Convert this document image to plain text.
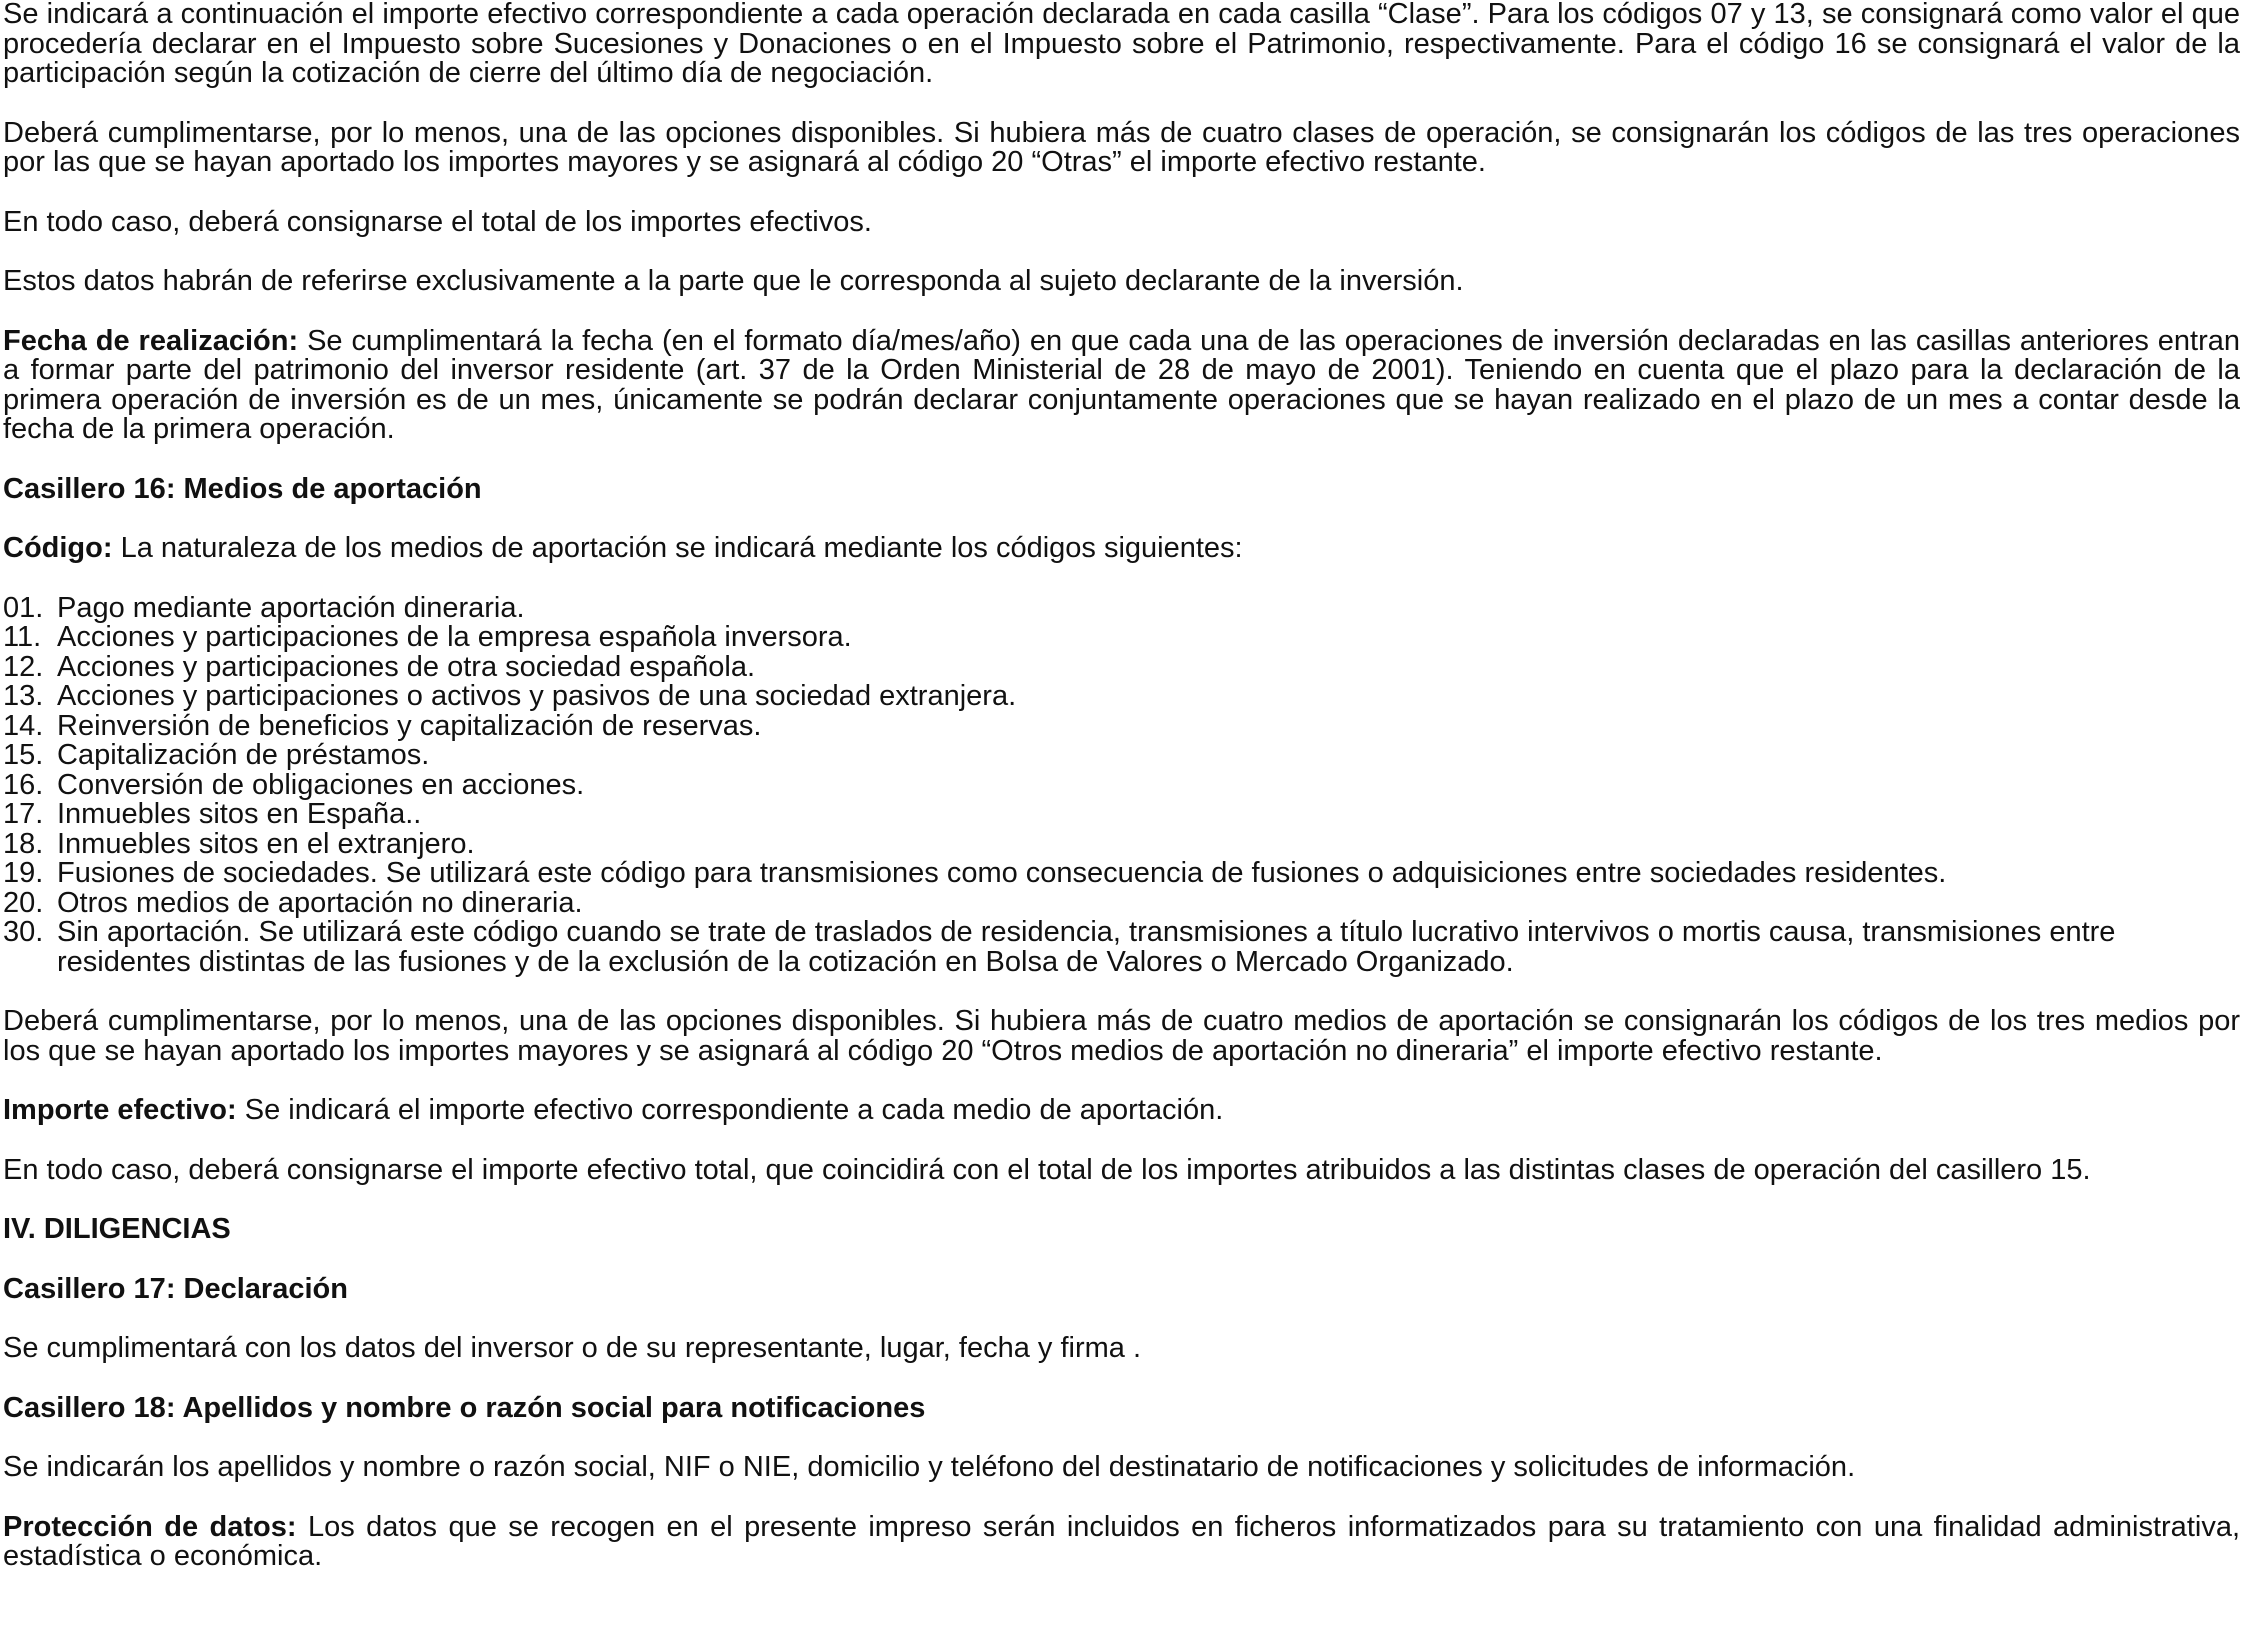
Se indicará a continuación el importe efectivo correspondiente a cada operación declarada en cada casilla “Clase”. Para los códigos 07 y 13, se consignará como valor el que procedería declarar en el Impuesto sobre Sucesiones y Donaciones o en el Impuesto sobre el Patrimonio, respectivamente. Para el código 16 se consignará el valor de la participación según la cotización de cierre del último día de negociación.

Deberá cumplimentarse, por lo menos, una de las opciones disponibles. Si hubiera más de cuatro clases de operación, se consignarán los códigos de las tres operaciones por las que se hayan aportado los importes mayores y se asignará al código 20 “Otras” el importe efectivo restante.

En todo caso, deberá consignarse el total de los importes efectivos.

Estos datos habrán de referirse exclusivamente a la parte que le corresponda al sujeto declarante de la inversión.

Fecha de realización: Se cumplimentará la fecha (en el formato día/mes/año) en que cada una de las operaciones de inversión declaradas en las casillas anteriores entran a formar parte del patrimonio del inversor residente (art. 37 de la Orden Ministerial de 28 de mayo de 2001). Teniendo en cuenta que el plazo para la declaración de la primera operación de inversión es de un mes, únicamente se podrán declarar conjuntamente operaciones que se hayan realizado en el plazo de un mes a contar desde la fecha de la primera operación.

Casillero 16: Medios de aportación

Código: La naturaleza de los medios de aportación se indicará mediante los códigos siguientes:

01. Pago mediante aportación dineraria.
11. Acciones y participaciones de la empresa española inversora.
12. Acciones y participaciones de otra sociedad española.
13. Acciones y participaciones o activos y pasivos de una sociedad extranjera.
14. Reinversión de beneficios y capitalización de reservas.
15. Capitalización de préstamos.
16. Conversión de obligaciones en acciones.
17. Inmuebles sitos en España..
18. Inmuebles sitos en el extranjero.
19. Fusiones de sociedades. Se utilizará este código para transmisiones como consecuencia de fusiones o adquisiciones entre sociedades residentes.
20. Otros medios de aportación no dineraria.
30. Sin aportación. Se utilizará este código cuando se trate de traslados de residencia, transmisiones a título lucrativo intervivos o mortis causa, transmisiones entre residentes distintas de las fusiones y de la exclusión de la cotización en Bolsa de Valores o Mercado Organizado.

Deberá cumplimentarse, por lo menos, una de las opciones disponibles. Si hubiera más de cuatro medios de aportación se consignarán los códigos de los tres medios por los que se hayan aportado los importes mayores y se asignará al código 20 “Otros medios de aportación no dineraria” el importe efectivo restante.

Importe efectivo: Se indicará el importe efectivo correspondiente a cada medio de aportación.

En todo caso, deberá consignarse el importe efectivo total, que coincidirá con el total de los importes atribuidos a las distintas clases de operación del casillero 15.

IV. DILIGENCIAS
Casillero 17: Declaración

Se cumplimentará con los datos del inversor o de su representante, lugar, fecha y firma .

Casillero 18: Apellidos y nombre o razón social para notificaciones

Se indicarán los apellidos y nombre o razón social, NIF o NIE, domicilio y teléfono del destinatario de notificaciones y solicitudes de información.

Protección de datos: Los datos que se recogen en el presente impreso serán incluidos en ficheros informatizados para su tratamiento con una finalidad administrativa, estadística o económica.
